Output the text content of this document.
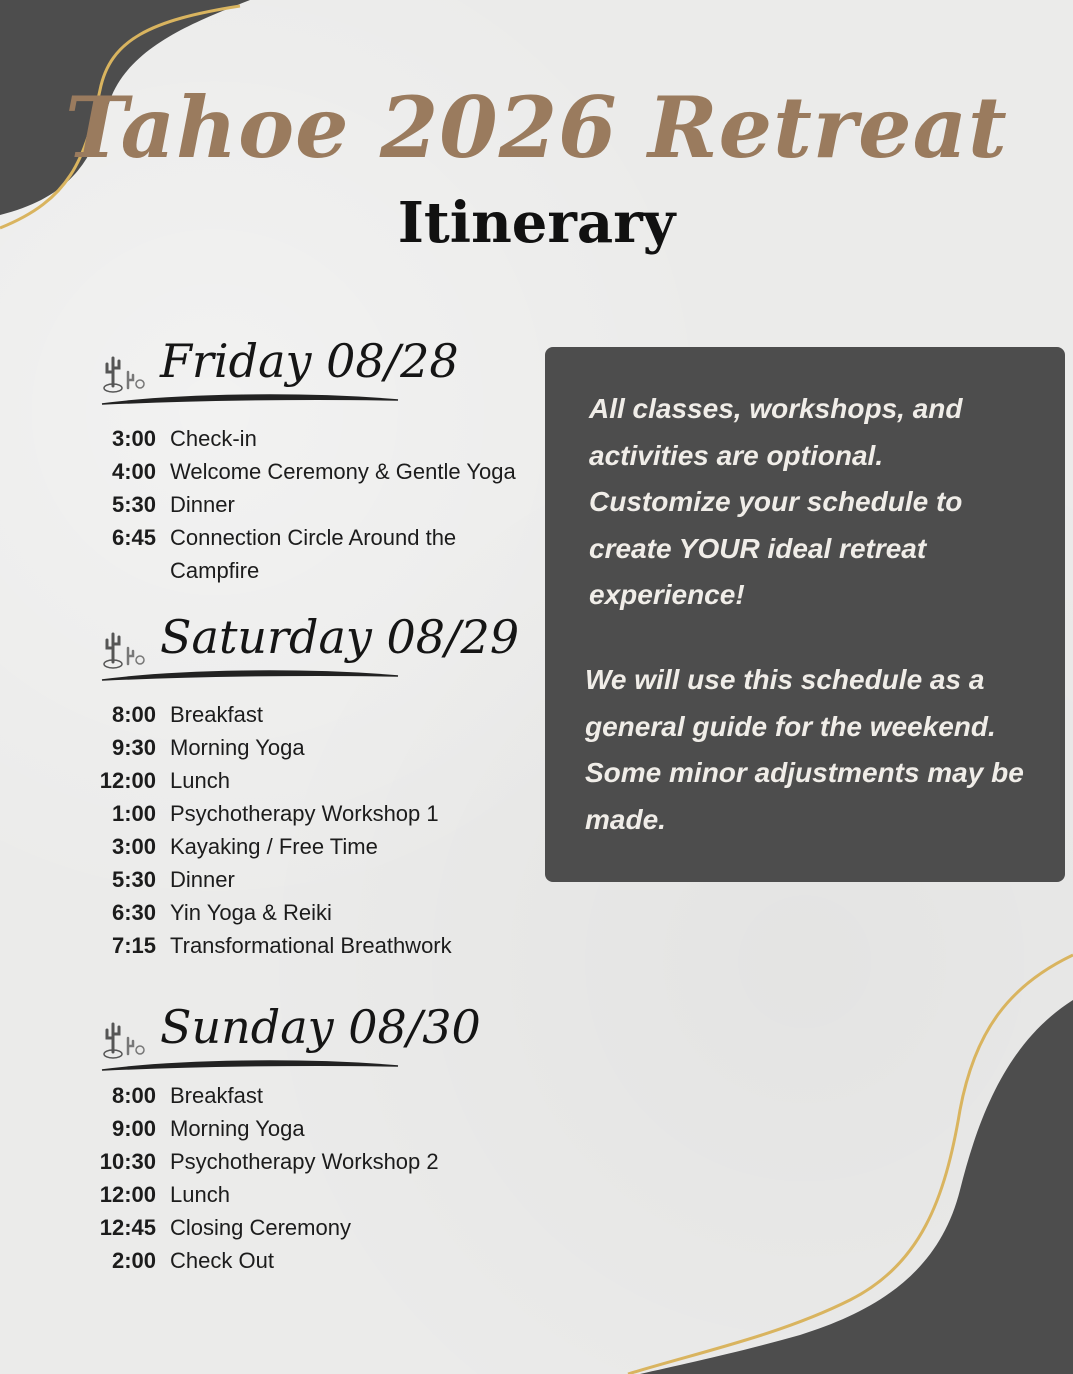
Tahoe 2026 Retreat
Itinerary
Friday 08/28
3:00 Check-in
4:00 Welcome Ceremony & Gentle Yoga
5:30 Dinner
6:45 Connection Circle Around the Campfire
Saturday 08/29
8:00 Breakfast
9:30 Morning Yoga
12:00 Lunch
1:00 Psychotherapy Workshop 1
3:00 Kayaking / Free Time
5:30 Dinner
6:30 Yin Yoga & Reiki
7:15 Transformational Breathwork
Sunday 08/30
8:00 Breakfast
9:00 Morning Yoga
10:30 Psychotherapy Workshop 2
12:00 Lunch
12:45 Closing Ceremony
2:00 Check Out

All classes, workshops, and activities are optional. Customize your schedule to create YOUR ideal retreat experience!

We will use this schedule as a general guide for the weekend. Some minor adjustments may be made.
